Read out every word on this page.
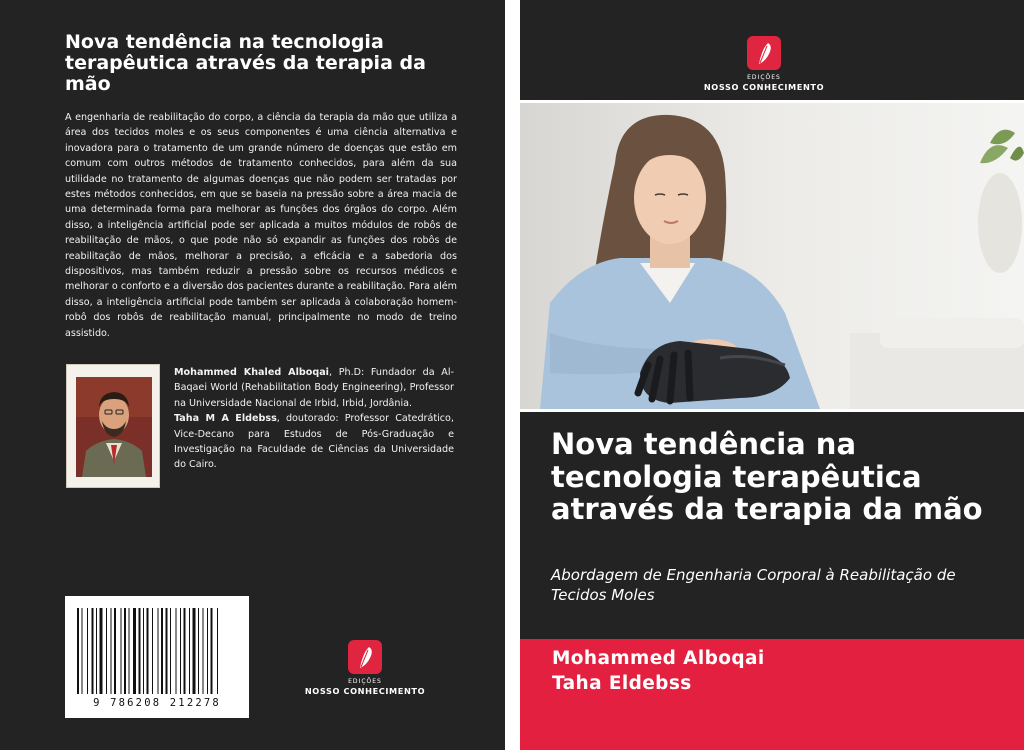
Nova tendência na tecnologia terapêutica através da terapia da mão
A engenharia de reabilitação do corpo, a ciência da terapia da mão que utiliza a área dos tecidos moles e os seus componentes é uma ciência alternativa e inovadora para o tratamento de um grande número de doenças que estão em comum com outros métodos de tratamento conhecidos, para além da sua utilidade no tratamento de algumas doenças que não podem ser tratadas por estes métodos conhecidos, em que se baseia na pressão sobre a área macia de uma determinada forma para melhorar as funções dos órgãos do corpo. Além disso, a inteligência artificial pode ser aplicada a muitos módulos de robôs de reabilitação de mãos, o que pode não só expandir as funções dos robôs de reabilitação de mãos, melhorar a precisão, a eficácia e a sabedoria dos dispositivos, mas também reduzir a pressão sobre os recursos médicos e melhorar o conforto e a diversão dos pacientes durante a reabilitação. Para além disso, a inteligência artificial pode também ser aplicada à colaboração homem-robô dos robôs de reabilitação manual, principalmente no modo de treino assistido.
Mohammed Khaled Alboqai, Ph.D: Fundador da Al-Baqaei World (Rehabilitation Body Engineering), Professor na Universidade Nacional de Irbid, Irbid, Jordânia.
Taha M A Eldebss, doutorado: Professor Catedrático, Vice-Decano para Estudos de Pós-Graduação e Investigação na Faculdade de Ciências da Universidade do Cairo.
9 786208 212278
EDIÇÕES
NOSSO CONHECIMENTO
EDIÇÕES
NOSSO CONHECIMENTO
Nova tendência na tecnologia terapêutica através da terapia da mão
Abordagem de Engenharia Corporal à Reabilitação de Tecidos Moles
Mohammed Alboqai
Taha Eldebss
